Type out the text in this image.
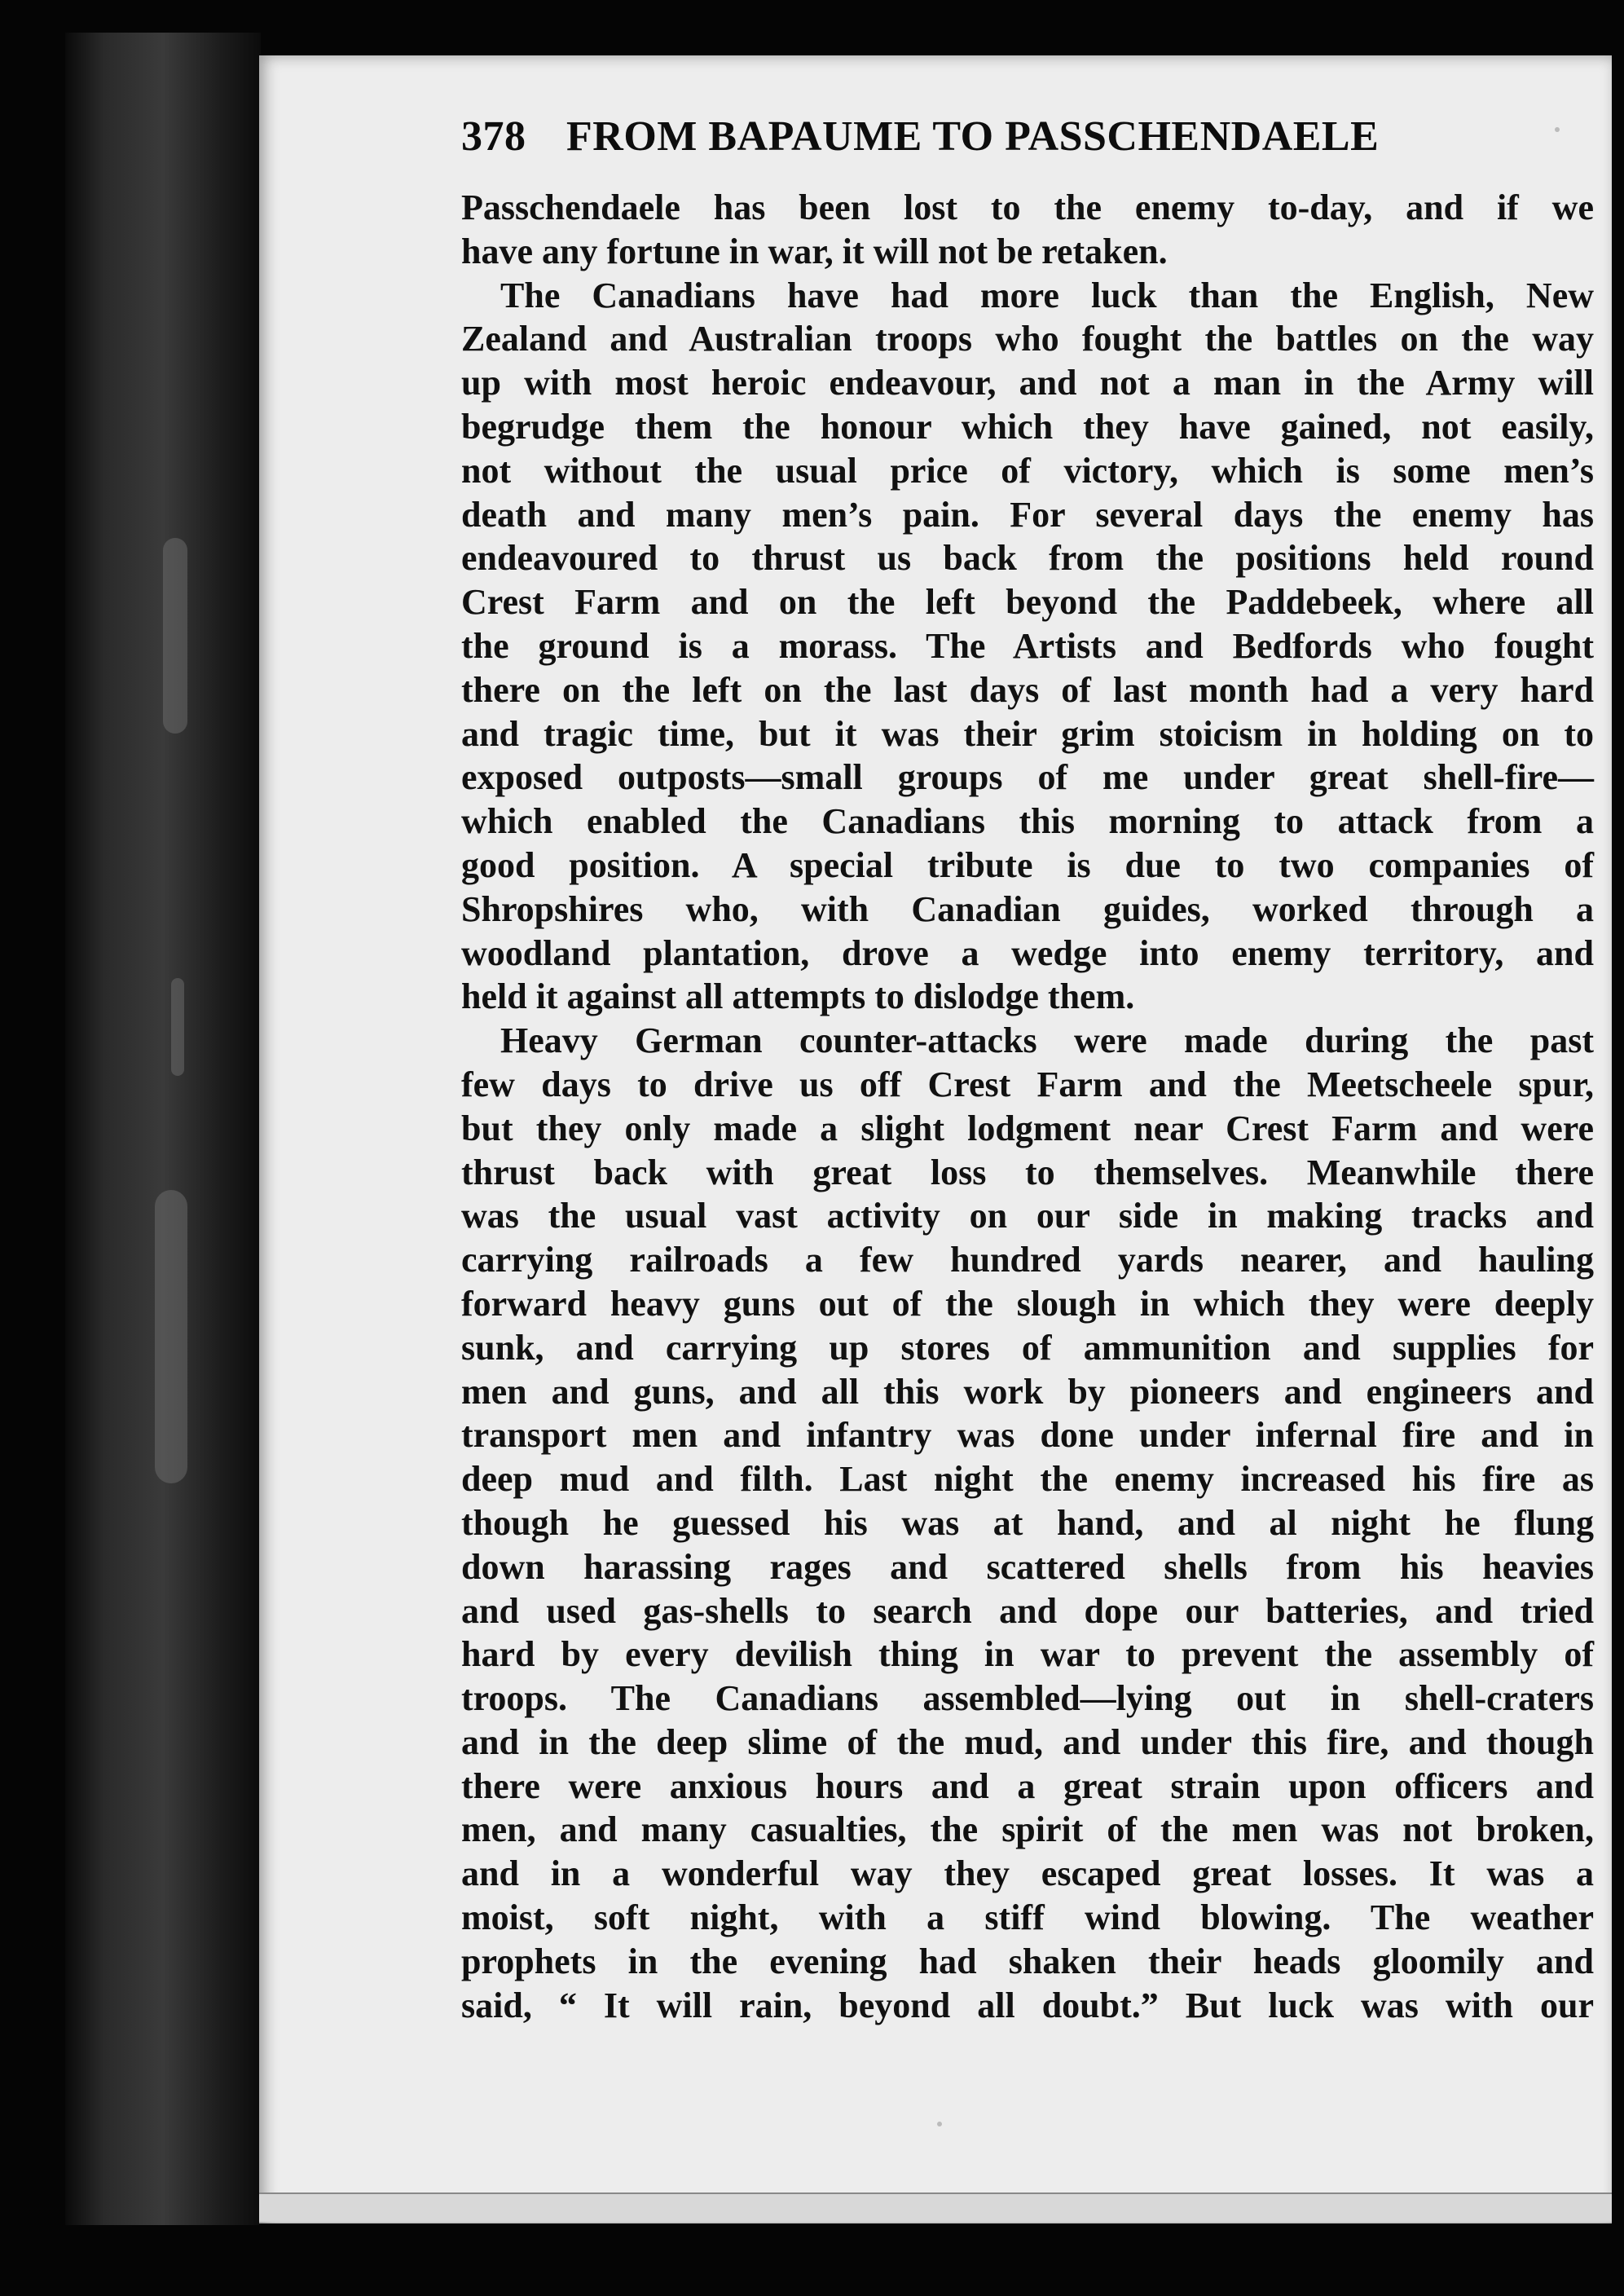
378 FROM BAPAUME TO PASSCHENDAELE
Passchendaele has been lost to the enemy to-day, and if we
have any fortune in war, it will not be retaken.
The Canadians have had more luck than the English, New
Zealand and Australian troops who fought the battles on the way
up with most heroic endeavour, and not a man in the Army will
begrudge them the honour which they have gained, not easily,
not without the usual price of victory, which is some men’s
death and many men’s pain. For several days the enemy has
endeavoured to thrust us back from the positions held round
Crest Farm and on the left beyond the Paddebeek, where all
the ground is a morass. The Artists and Bedfords who fought
there on the left on the last days of last month had a very hard
and tragic time, but it was their grim stoicism in holding on to
exposed outposts—small groups of me under great shell-fire—
which enabled the Canadians this morning to attack from a
good position. A special tribute is due to two companies of
Shropshires who, with Canadian guides, worked through a
woodland plantation, drove a wedge into enemy territory, and
held it against all attempts to dislodge them.
Heavy German counter-attacks were made during the past
few days to drive us off Crest Farm and the Meetscheele spur,
but they only made a slight lodgment near Crest Farm and were
thrust back with great loss to themselves. Meanwhile there
was the usual vast activity on our side in making tracks and
carrying railroads a few hundred yards nearer, and hauling
forward heavy guns out of the slough in which they were deeply
sunk, and carrying up stores of ammunition and supplies for
men and guns, and all this work by pioneers and engineers and
transport men and infantry was done under infernal fire and in
deep mud and filth. Last night the enemy increased his fire as
though he guessed his was at hand, and al night he flung
down harassing rages and scattered shells from his heavies
and used gas-shells to search and dope our batteries, and tried
hard by every devilish thing in war to prevent the assembly of
troops. The Canadians assembled—lying out in shell-craters
and in the deep slime of the mud, and under this fire, and though
there were anxious hours and a great strain upon officers and
men, and many casualties, the spirit of the men was not broken,
and in a wonderful way they escaped great losses. It was a
moist, soft night, with a stiff wind blowing. The weather
prophets in the evening had shaken their heads gloomily and
said, “ It will rain, beyond all doubt.” But luck was with our
